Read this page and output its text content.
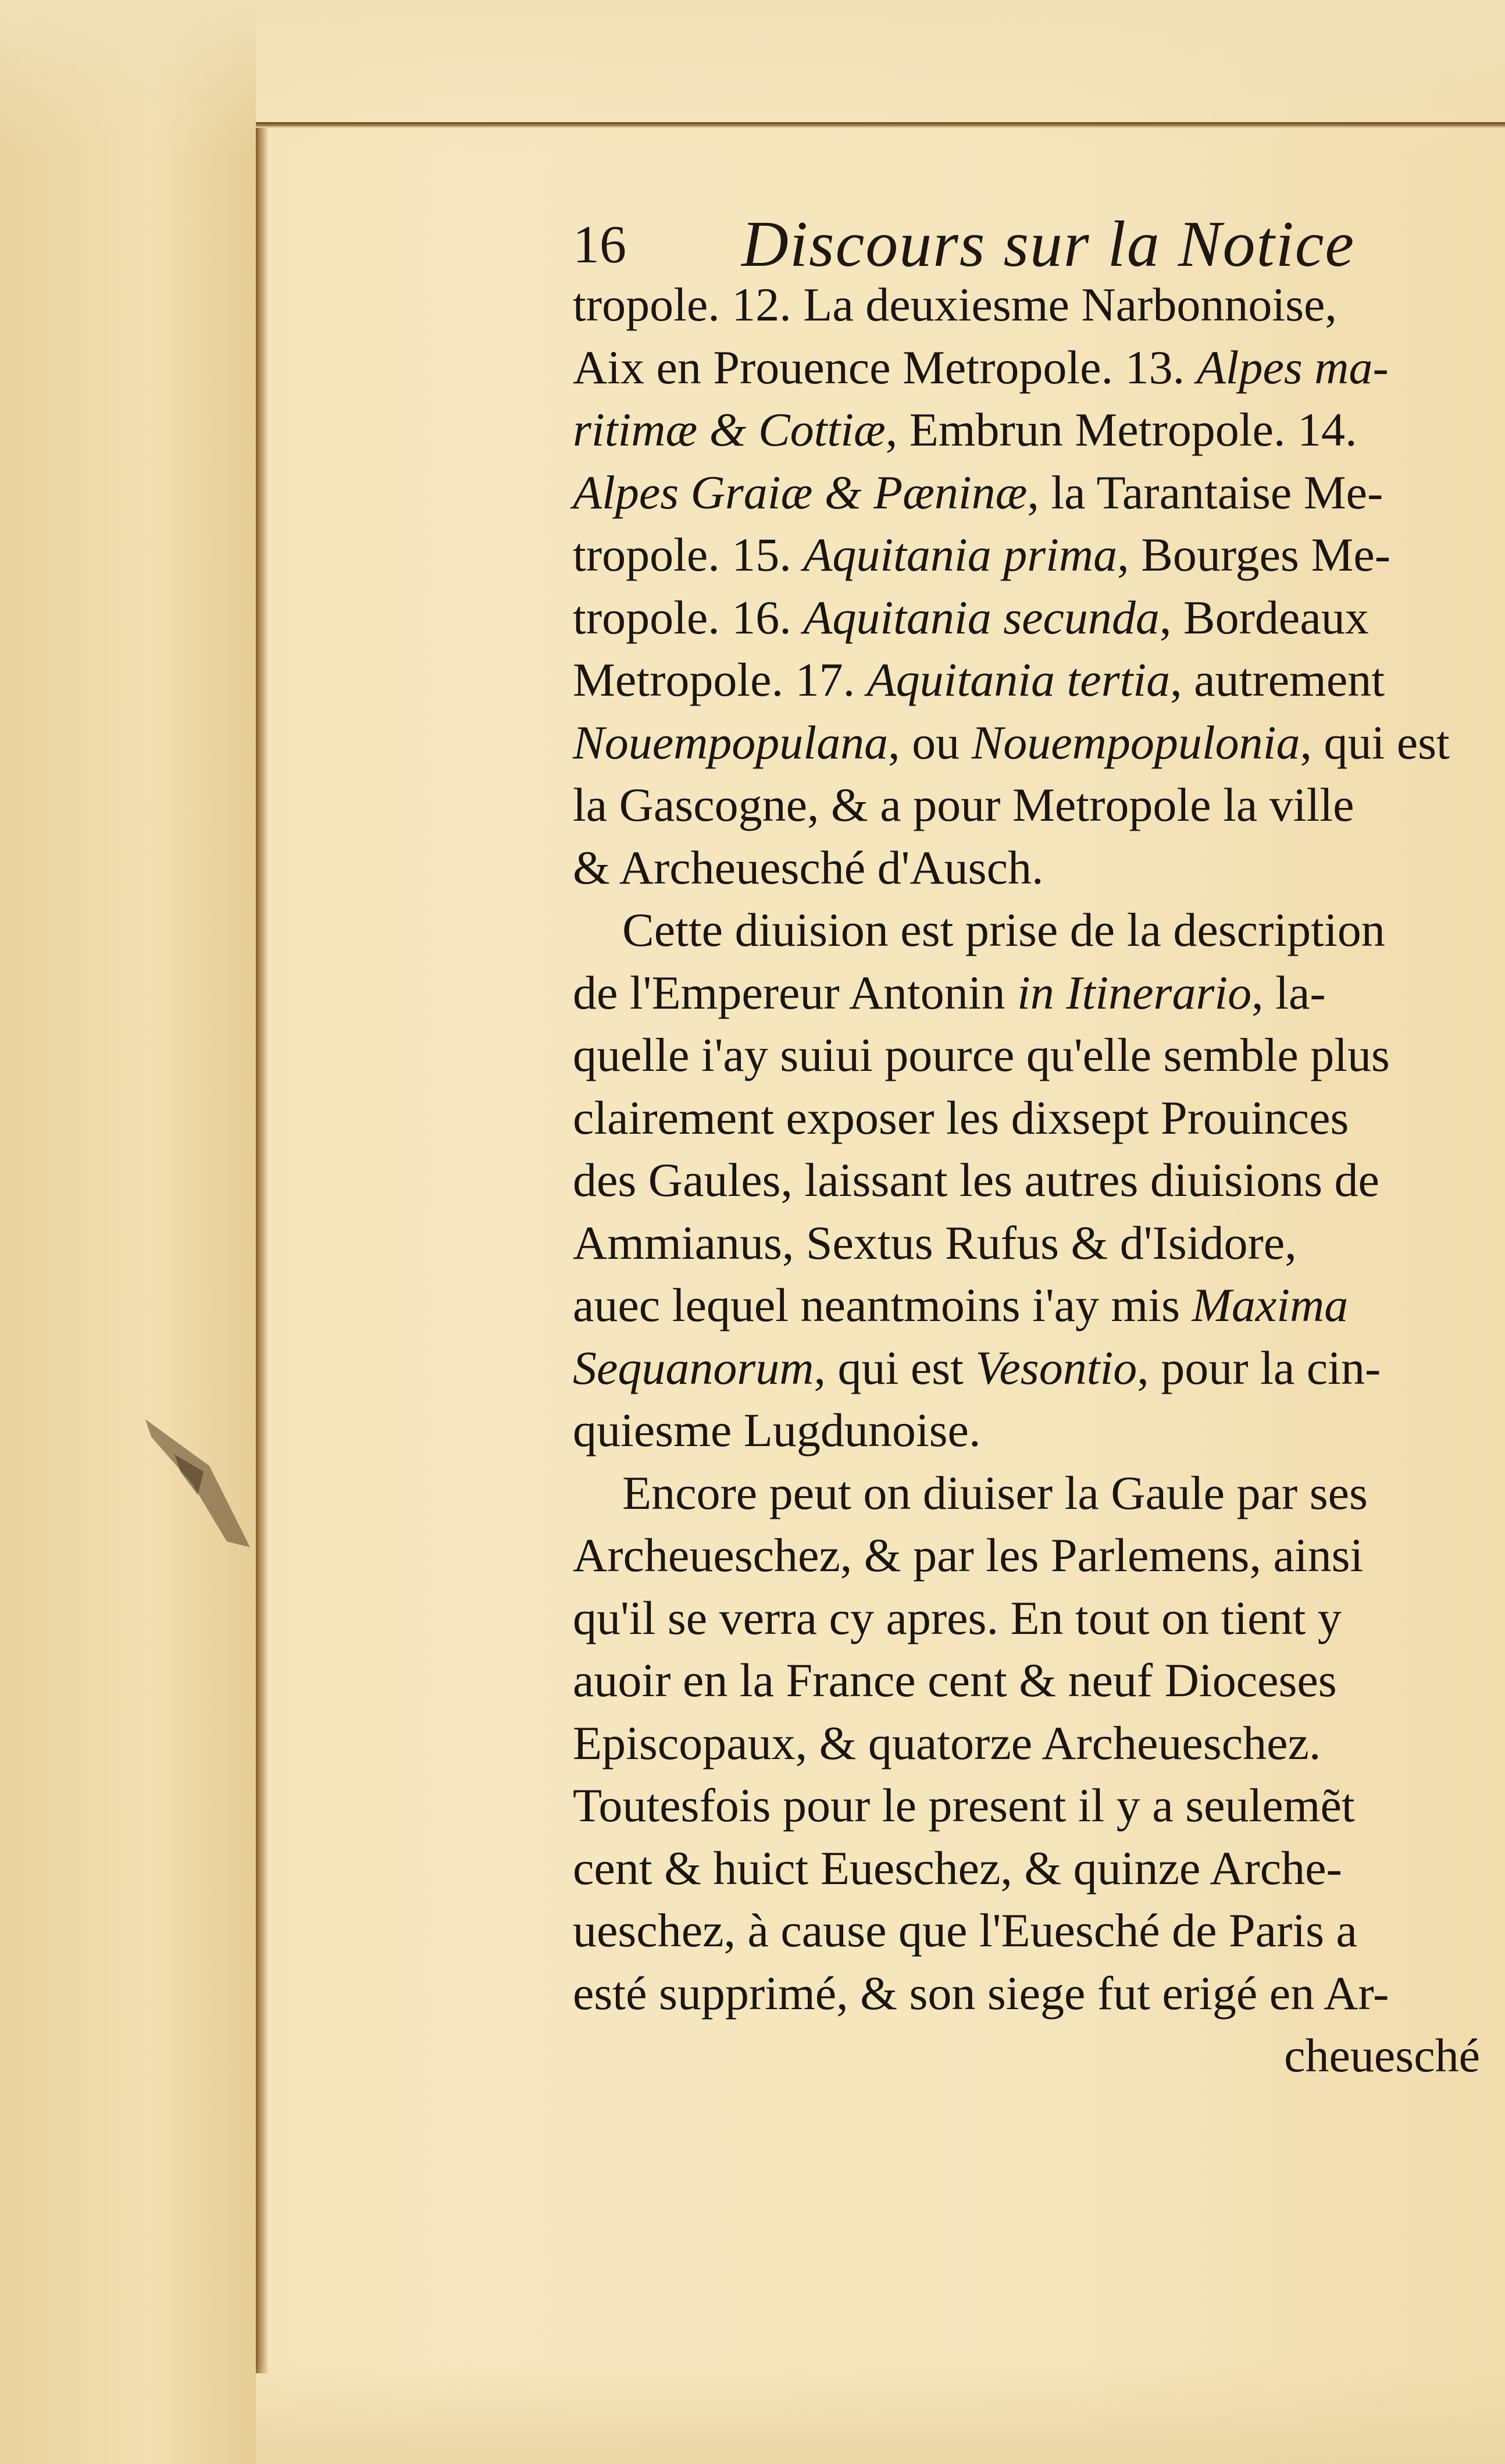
16 Discours sur la Notice
tropole. 12. La deuxiesme Narbonnoise,
Aix en Prouence Metropole. 13. Alpes ma-
ritimæ & Cottiæ, Embrun Metropole. 14.
Alpes Graiæ & Pæninæ, la Tarantaise Me-
tropole. 15. Aquitania prima, Bourges Me-
tropole. 16. Aquitania secunda, Bordeaux
Metropole. 17. Aquitania tertia, autrement
Nouempopulana, ou Nouempopulonia, qui est
la Gascogne, & a pour Metropole la ville
& Archeuesché d'Ausch.
Cette diuision est prise de la description
de l'Empereur Antonin in Itinerario, la-
quelle i'ay suiui pource qu'elle semble plus
clairement exposer les dixsept Prouinces
des Gaules, laissant les autres diuisions de
Ammianus, Sextus Rufus & d'Isidore,
auec lequel neantmoins i'ay mis Maxima
Sequanorum, qui est Vesontio, pour la cin-
quiesme Lugdunoise.
Encore peut on diuiser la Gaule par ses
Archeueschez, & par les Parlemens, ainsi
qu'il se verra cy apres. En tout on tient y
auoir en la France cent & neuf Dioceses
Episcopaux, & quatorze Archeueschez.
Toutesfois pour le present il y a seulemẽt
cent & huict Eueschez, & quinze Arche-
ueschez, à cause que l'Euesché de Paris a
esté supprimé, & son siege fut erigé en Ar-
cheuesché
